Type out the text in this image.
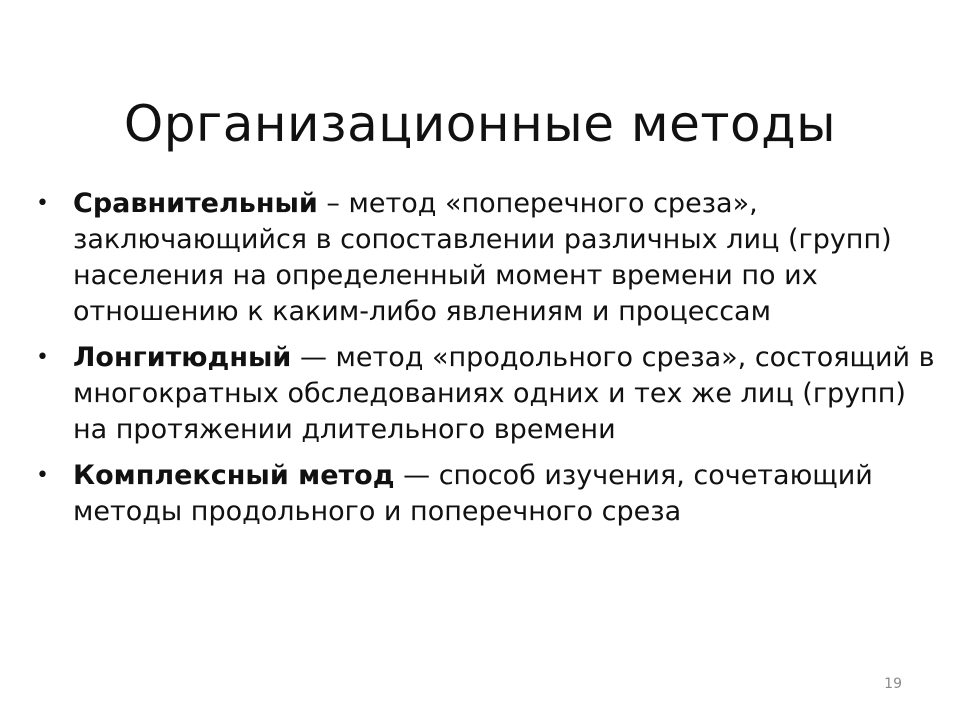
Организационные методы
• Сравнительный – метод «поперечного среза», заключающийся в сопоставлении различных лиц (групп) населения на определенный момент времени по их отношению к каким-либо явлениям и процессам
• Лонгитюдный — метод «продольного среза», состоящий в многократных обследованиях одних и тех же лиц (групп) на протяжении длительного времени
• Комплексный метод — способ изучения, сочетающий методы продольного и поперечного среза
19
